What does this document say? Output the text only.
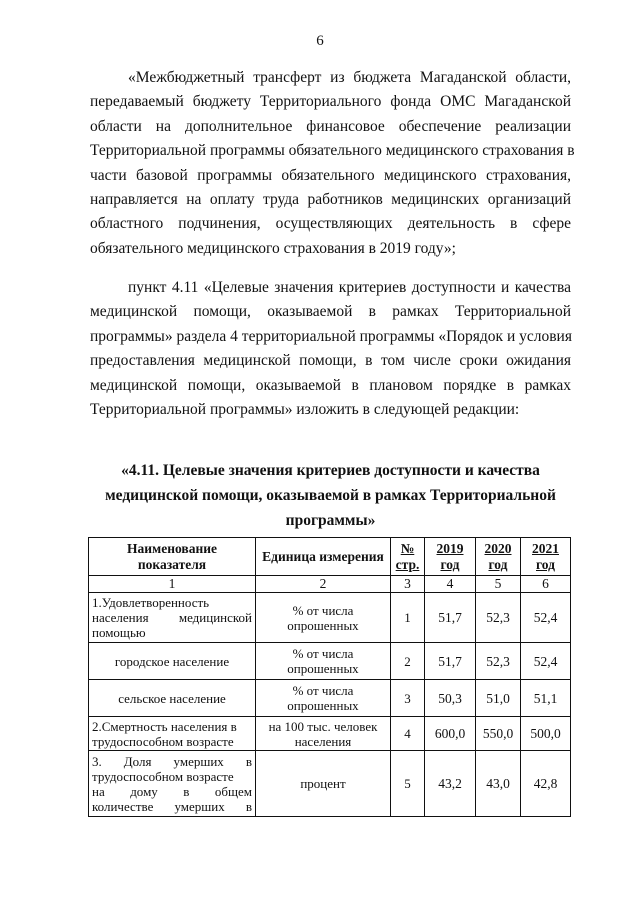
6
«Межбюджетный трансферт из бюджета Магаданской области,
передаваемый бюджету Территориального фонда ОМС Магаданской
области на дополнительное финансовое обеспечение реализации
Территориальной программы обязательного медицинского страхования в
части базовой программы обязательного медицинского страхования,
направляется на оплату труда работников медицинских организаций
областного подчинения, осуществляющих деятельность в сфере
обязательного медицинского страхования в 2019 году»;
пункт 4.11 «Целевые значения критериев доступности и качества
медицинской помощи, оказываемой в рамках Территориальной
программы» раздела 4 территориальной программы «Порядок и условия
предоставления медицинской помощи, в том числе сроки ожидания
медицинской помощи, оказываемой в плановом порядке в рамках
Территориальной программы» изложить в следующей редакции:
«4.11. Целевые значения критериев доступности и качества
медицинской помощи, оказываемой в рамках Территориальной
программы»
Наименование показателя	Единица измерения	№ стр.	2019 год	2020 год	2021 год
1	2	3	4	5	6

1.Удовлетворенность
населения медицинской
помощью	% от числа опрошенных	1	51,7	52,3	52,4
городское население	% от числа опрошенных	2	51,7	52,3	52,4
сельское население	% от числа опрошенных	3	50,3	51,0	51,1

2.Смертность населения в
трудоспособном возрасте	на 100 тыс. человек населения	4	600,0	550,0	500,0

3. Доля умерших в
трудоспособном возрасте
на дому в общем
количестве умерших в	процент	5	43,2	43,0	42,8
